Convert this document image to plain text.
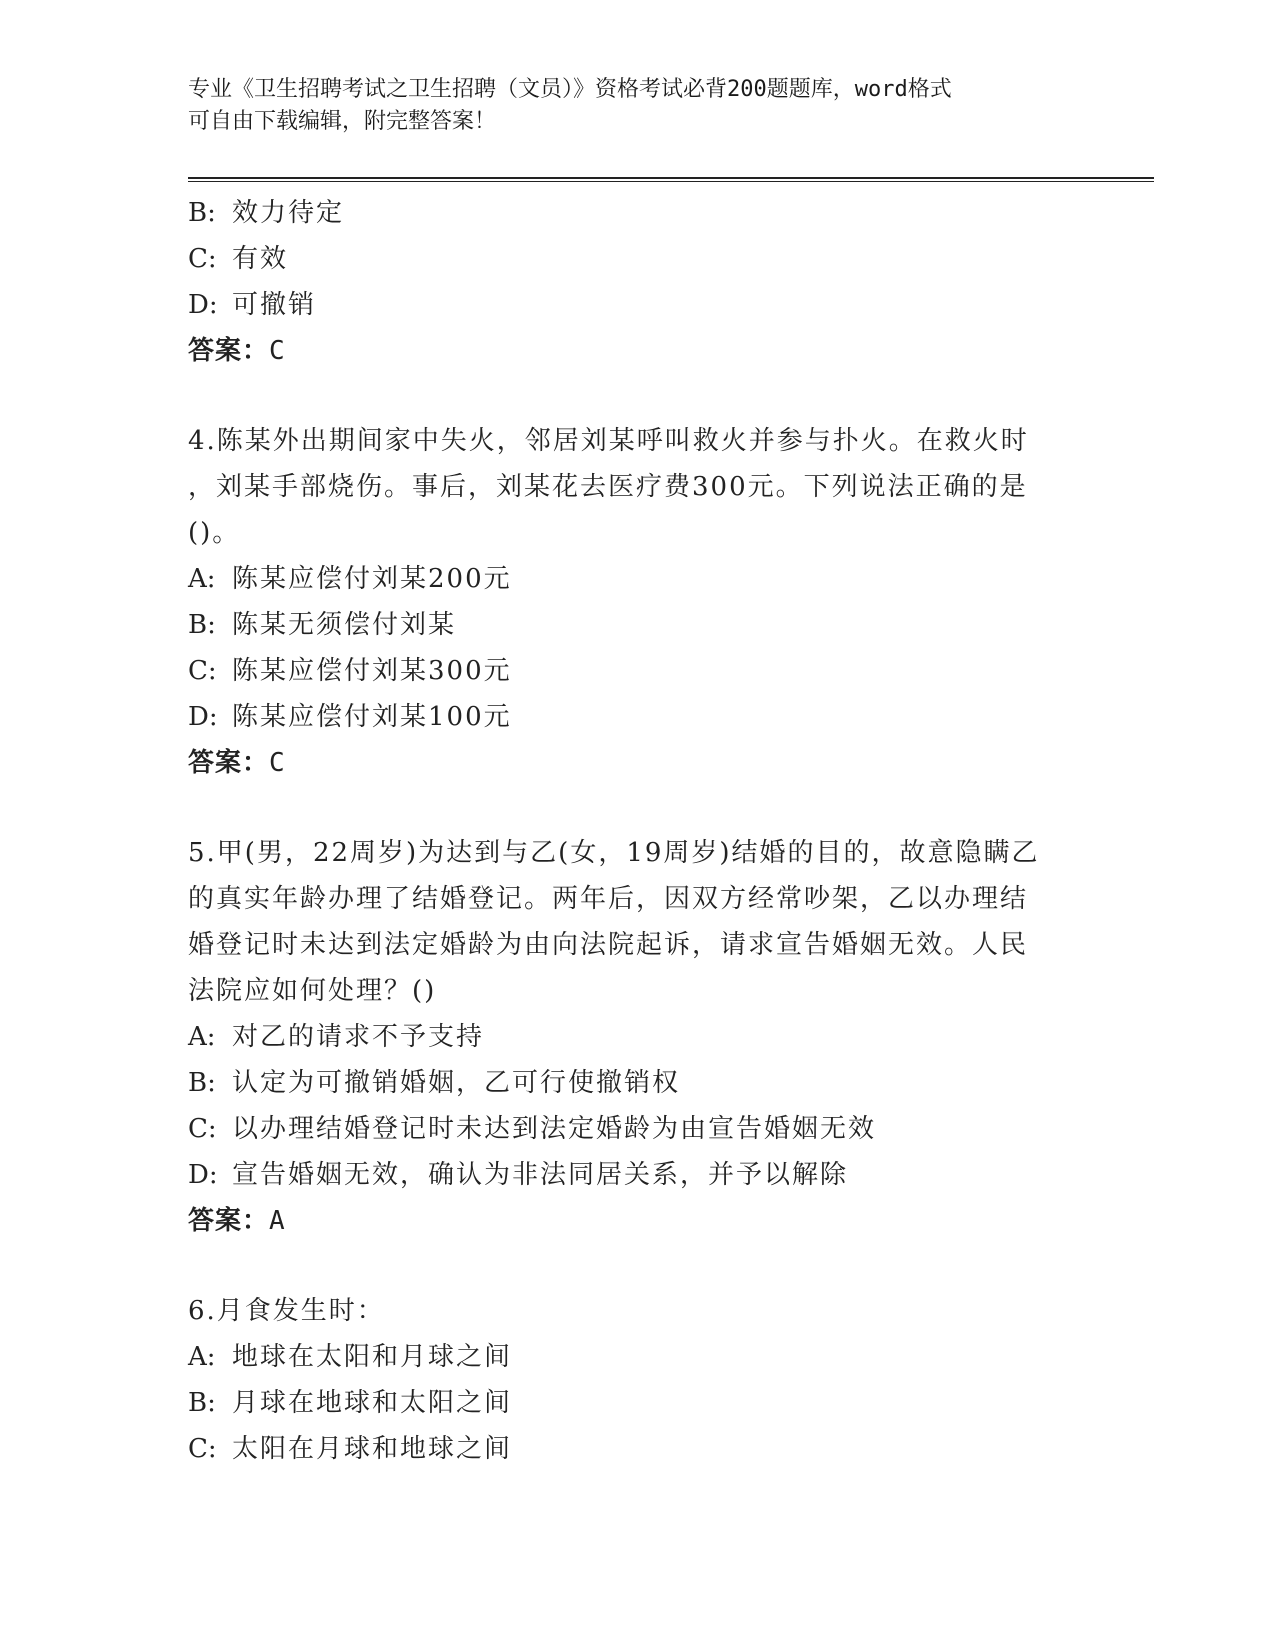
专业《卫生招聘考试之卫生招聘（文员）》资格考试必背200题题库，word格式
可自由下载编辑，附完整答案！
B: 效力待定
C: 有效
D: 可撤销
答案：C
4.陈某外出期间家中失火，邻居刘某呼叫救火并参与扑火。在救火时
，刘某手部烧伤。事后，刘某花去医疗费300元。下列说法正确的是
()。
A: 陈某应偿付刘某200元
B: 陈某无须偿付刘某
C: 陈某应偿付刘某300元
D: 陈某应偿付刘某100元
答案：C
5.甲(男，22周岁)为达到与乙(女，19周岁)结婚的目的，故意隐瞒乙
的真实年龄办理了结婚登记。两年后，因双方经常吵架，乙以办理结
婚登记时未达到法定婚龄为由向法院起诉，请求宣告婚姻无效。人民
法院应如何处理？()
A: 对乙的请求不予支持
B: 认定为可撤销婚姻，乙可行使撤销权
C: 以办理结婚登记时未达到法定婚龄为由宣告婚姻无效
D: 宣告婚姻无效，确认为非法同居关系，并予以解除
答案：A
6.月食发生时：
A: 地球在太阳和月球之间
B: 月球在地球和太阳之间
C: 太阳在月球和地球之间
